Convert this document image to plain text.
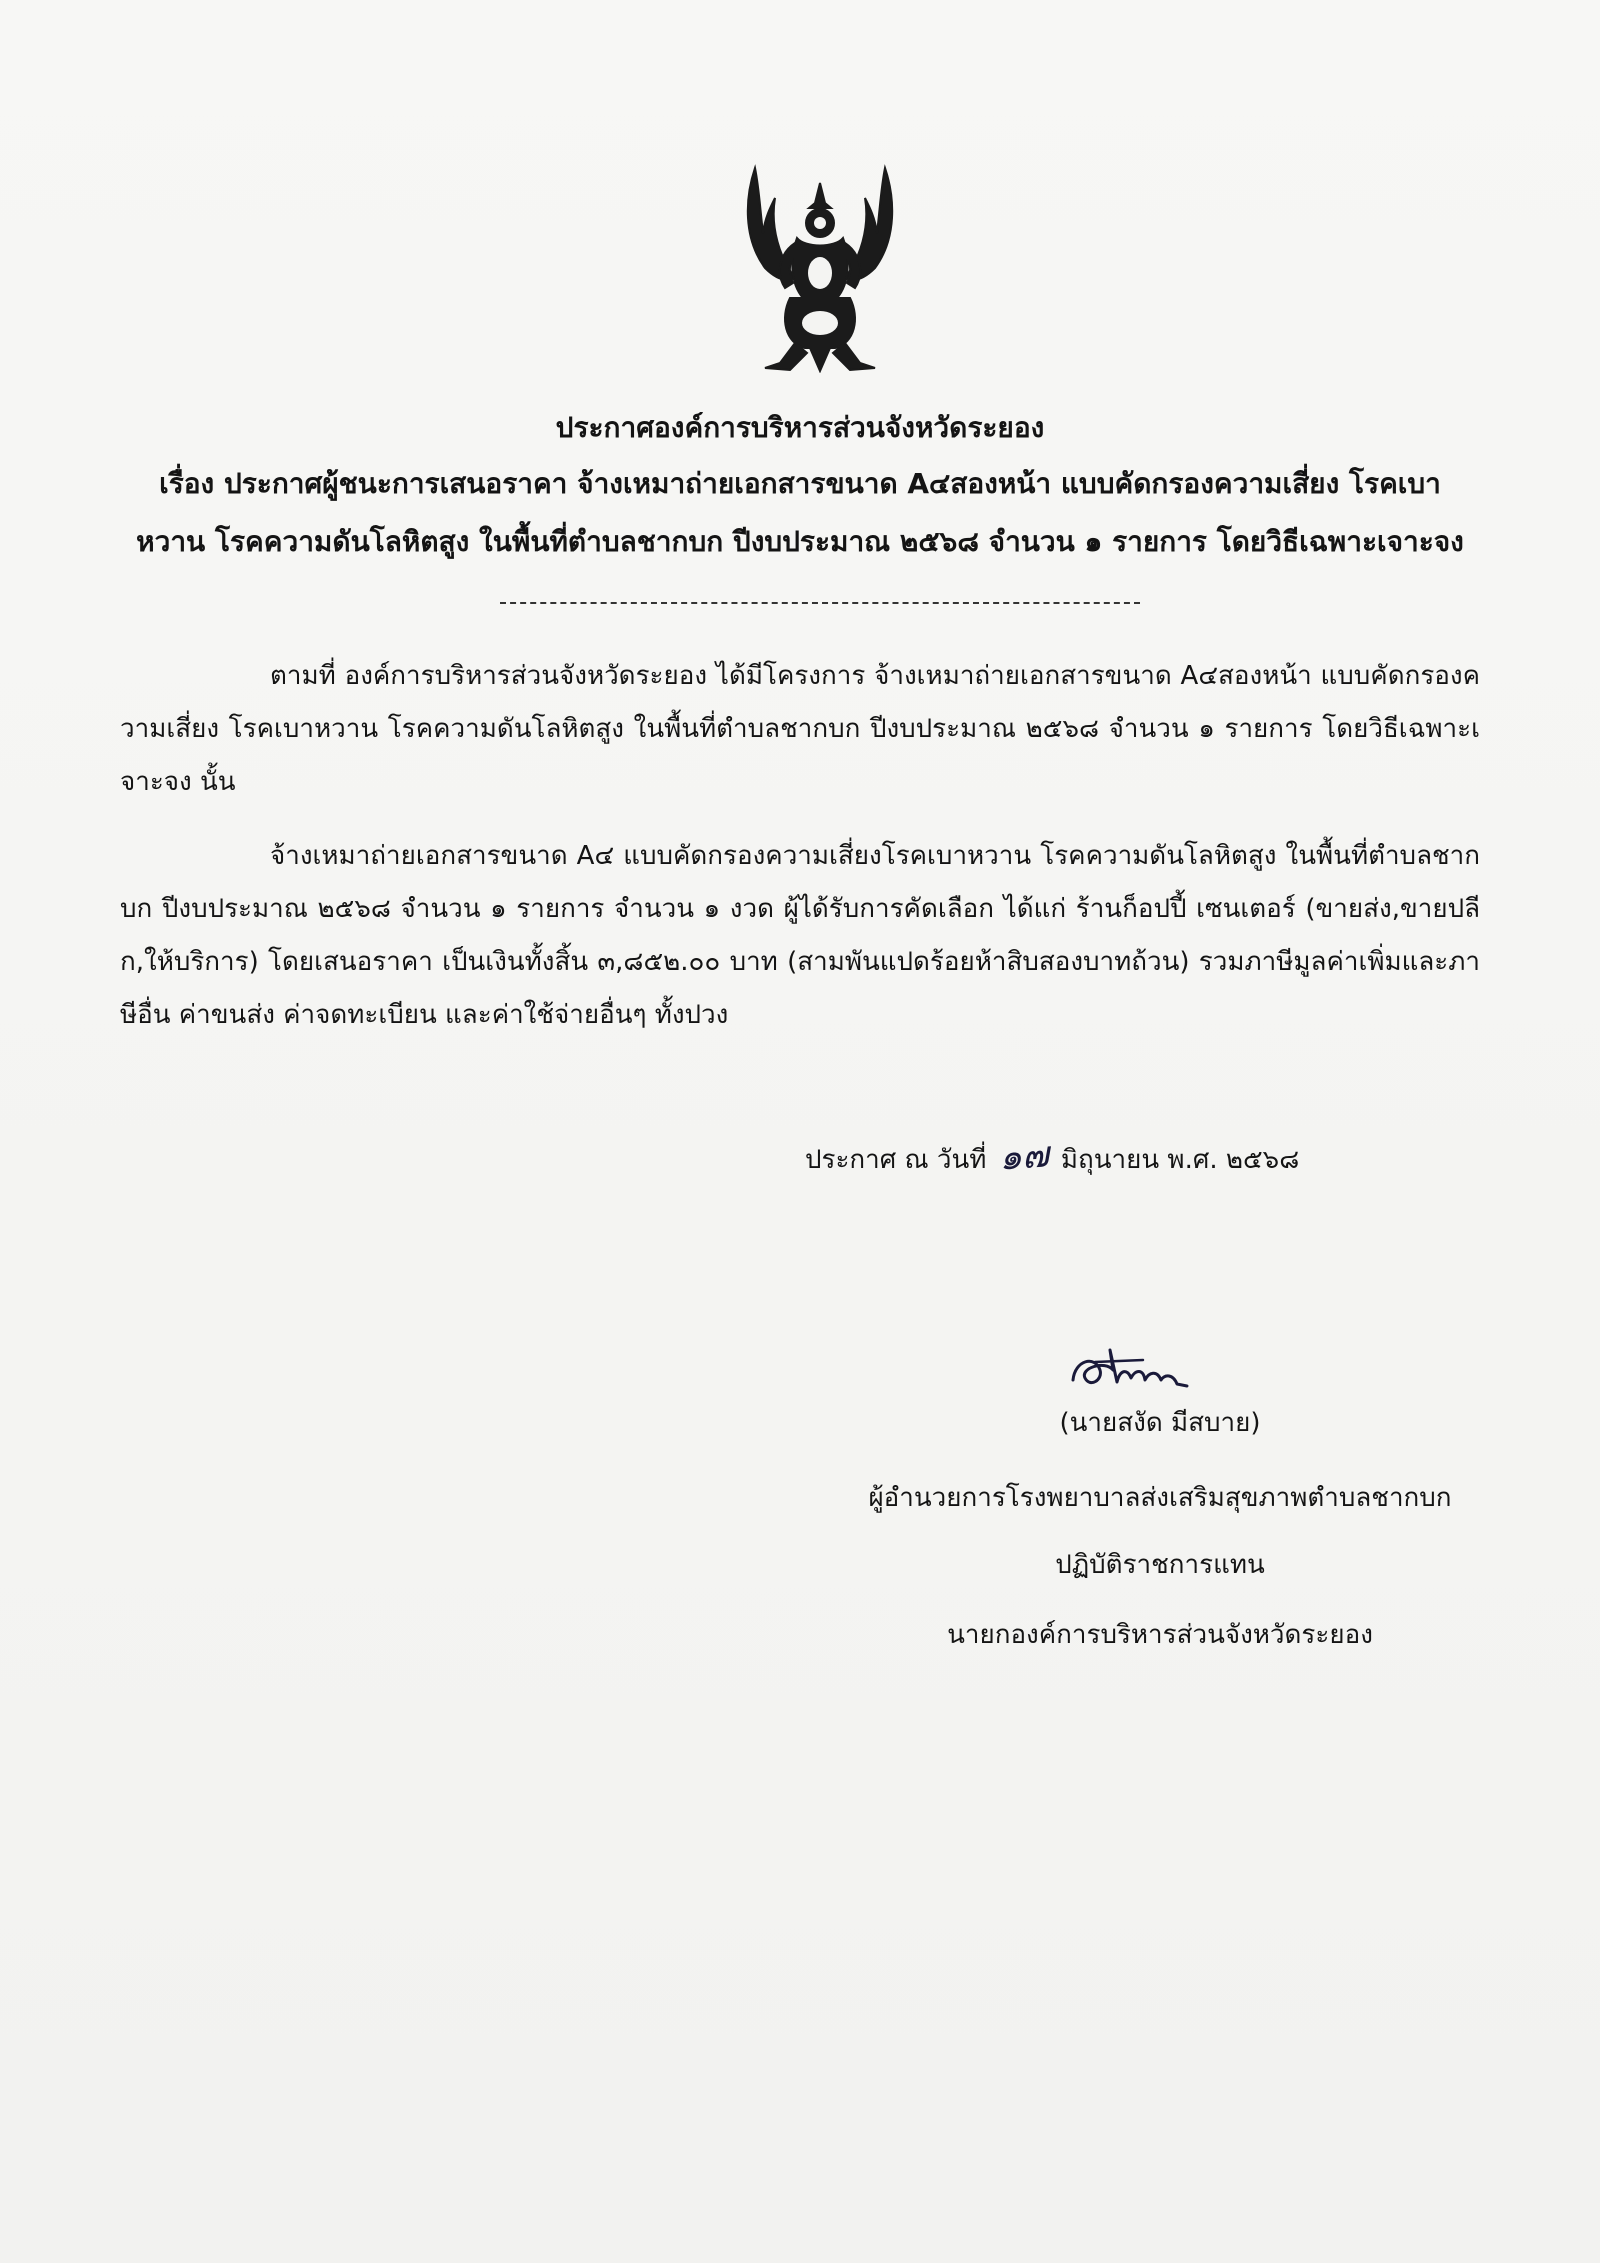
ประกาศองค์การบริหารส่วนจังหวัดระยอง
เรื่อง ประกาศผู้ชนะการเสนอราคา จ้างเหมาถ่ายเอกสารขนาด A๔สองหน้า แบบคัดกรองความเสี่ยง โรคเบา
หวาน โรคความดันโลหิตสูง ในพื้นที่ตำบลชากบก ปีงบประมาณ ๒๕๖๘ จำนวน ๑ รายการ โดยวิธีเฉพาะเจาะจง
ตามที่ องค์การบริหารส่วนจังหวัดระยอง ได้มีโครงการ จ้างเหมาถ่ายเอกสารขนาด A๔สองหน้า แบบคัดกรองความเสี่ยง โรคเบาหวาน โรคความดันโลหิตสูง ในพื้นที่ตำบลชากบก ปีงบประมาณ ๒๕๖๘ จำนวน ๑ รายการ โดยวิธีเฉพาะเจาะจง นั้น
จ้างเหมาถ่ายเอกสารขนาด A๔ แบบคัดกรองความเสี่ยงโรคเบาหวาน โรคความดันโลหิตสูง ในพื้นที่ตำบลชากบก ปีงบประมาณ ๒๕๖๘ จำนวน ๑ รายการ จำนวน ๑ งวด ผู้ได้รับการคัดเลือก ได้แก่ ร้านก็อปปี้ เซนเตอร์ (ขายส่ง,ขายปลีก,ให้บริการ) โดยเสนอราคา เป็นเงินทั้งสิ้น ๓,๘๕๒.๐๐ บาท (สามพันแปดร้อยห้าสิบสองบาทถ้วน) รวมภาษีมูลค่าเพิ่มและภาษีอื่น ค่าขนส่ง ค่าจดทะเบียน และค่าใช้จ่ายอื่นๆ ทั้งปวง
ประกาศ ณ วันที่ ๑๗ มิถุนายน พ.ศ. ๒๕๖๘
(นายสงัด มีสบาย)
ผู้อำนวยการโรงพยาบาลส่งเสริมสุขภาพตำบลชากบก
ปฏิบัติราชการแทน
นายกองค์การบริหารส่วนจังหวัดระยอง
